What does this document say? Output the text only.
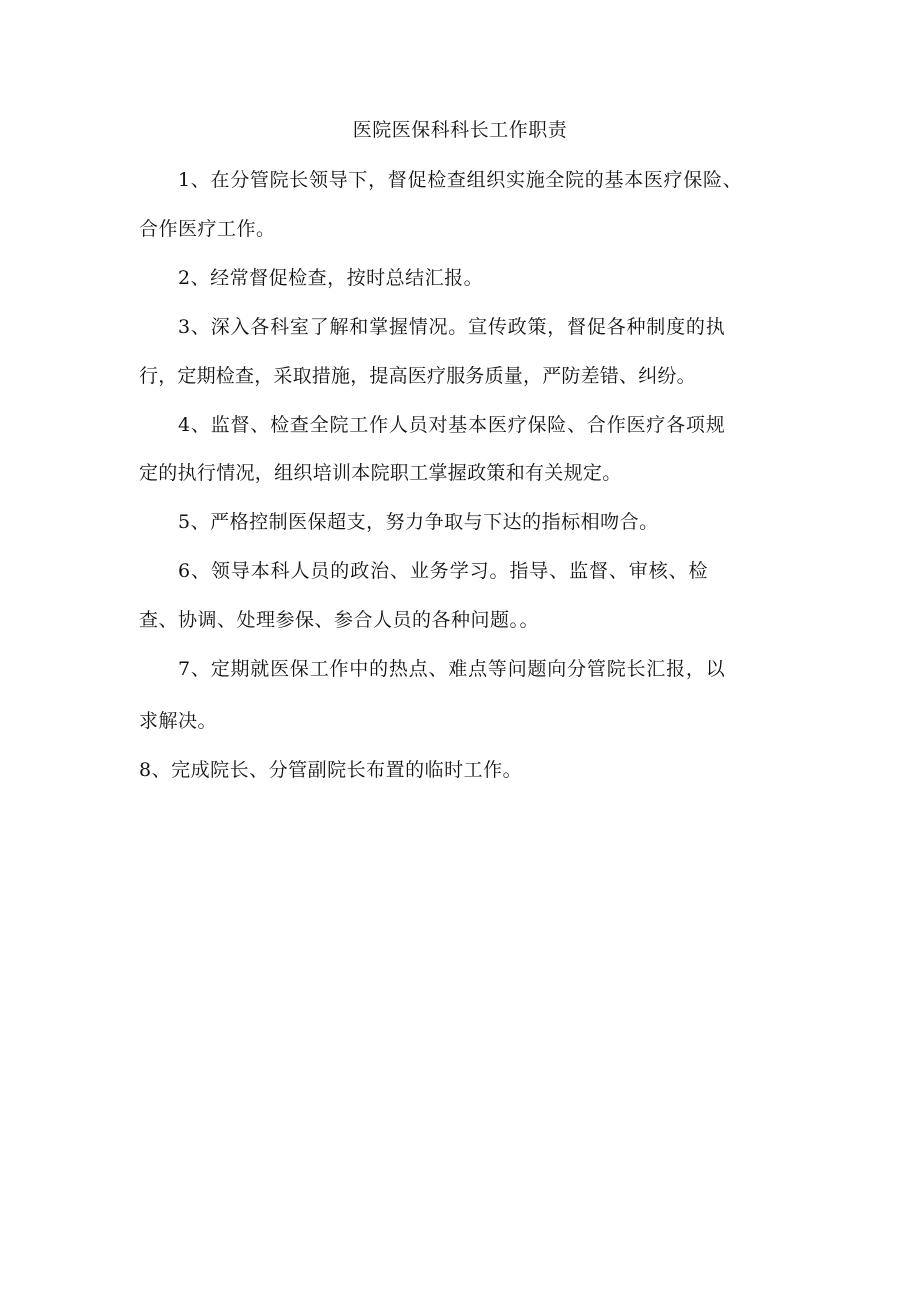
医院医保科科长工作职责
1、在分管院长领导下，督促检查组织实施全院的基本医疗保险、
合作医疗工作。
2、经常督促检查，按时总结汇报。
3、深入各科室了解和掌握情况。宣传政策，督促各种制度的执
行，定期检查，采取措施，提高医疗服务质量，严防差错、纠纷。
4、监督、检查全院工作人员对基本医疗保险、合作医疗各项规
定的执行情况，组织培训本院职工掌握政策和有关规定。
5、严格控制医保超支，努力争取与下达的指标相吻合。
6、领导本科人员的政治、业务学习。指导、监督、审核、检
查、协调、处理参保、参合人员的各种问题。。
7、定期就医保工作中的热点、难点等问题向分管院长汇报，以
求解决。
8、完成院长、分管副院长布置的临时工作。
